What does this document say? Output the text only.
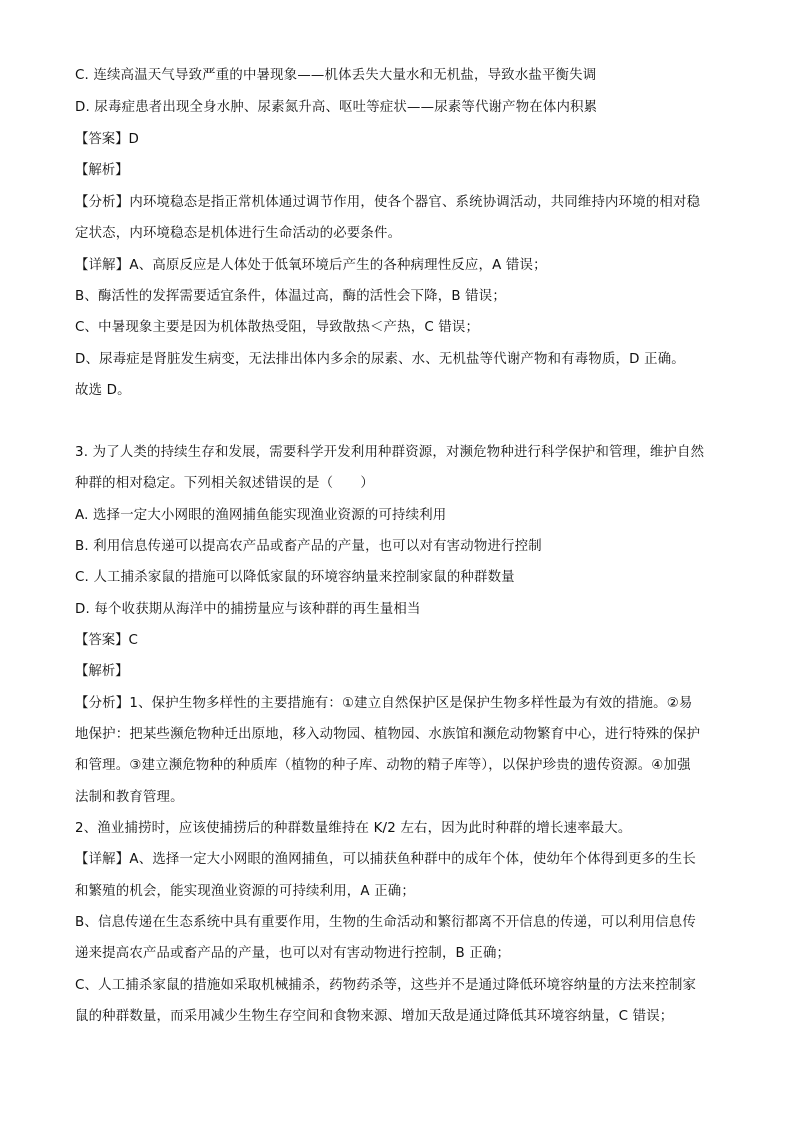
C. 连续高温天气导致严重的中暑现象——机体丢失大量水和无机盐，导致水盐平衡失调
D. 尿毒症患者出现全身水肿、尿素氮升高、呕吐等症状——尿素等代谢产物在体内积累
【答案】D
【解析】
【分析】内环境稳态是指正常机体通过调节作用，使各个器官、系统协调活动，共同维持内环境的相对稳
定状态，内环境稳态是机体进行生命活动的必要条件。
【详解】A、高原反应是人体处于低氧环境后产生的各种病理性反应，A 错误；
B、酶活性的发挥需要适宜条件，体温过高，酶的活性会下降，B 错误；
C、中暑现象主要是因为机体散热受阻，导致散热＜产热，C 错误；
D、尿毒症是肾脏发生病变，无法排出体内多余的尿素、水、无机盐等代谢产物和有毒物质，D 正确。
故选 D。
3. 为了人类的持续生存和发展，需要科学开发利用种群资源，对濒危物种进行科学保护和管理，维护自然
种群的相对稳定。下列相关叙述错误的是（　　）
A. 选择一定大小网眼的渔网捕鱼能实现渔业资源的可持续利用
B. 利用信息传递可以提高农产品或畜产品的产量，也可以对有害动物进行控制
C. 人工捕杀家鼠的措施可以降低家鼠的环境容纳量来控制家鼠的种群数量
D. 每个收获期从海洋中的捕捞量应与该种群的再生量相当
【答案】C
【解析】
【分析】1、保护生物多样性的主要措施有：①建立自然保护区是保护生物多样性最为有效的措施。②易
地保护：把某些濒危物种迁出原地，移入动物园、植物园、水族馆和濒危动物繁育中心，进行特殊的保护
和管理。③建立濒危物种的种质库（植物的种子库、动物的精子库等），以保护珍贵的遗传资源。④加强
法制和教育管理。
2、渔业捕捞时，应该使捕捞后的种群数量维持在 K/2 左右，因为此时种群的增长速率最大。
【详解】A、选择一定大小网眼的渔网捕鱼，可以捕获鱼种群中的成年个体，使幼年个体得到更多的生长
和繁殖的机会，能实现渔业资源的可持续利用，A 正确；
B、信息传递在生态系统中具有重要作用，生物的生命活动和繁衍都离不开信息的传递，可以利用信息传
递来提高农产品或畜产品的产量，也可以对有害动物进行控制，B 正确；
C、人工捕杀家鼠的措施如采取机械捕杀，药物药杀等，这些并不是通过降低环境容纳量的方法来控制家
鼠的种群数量，而采用减少生物生存空间和食物来源、增加天敌是通过降低其环境容纳量，C 错误；
